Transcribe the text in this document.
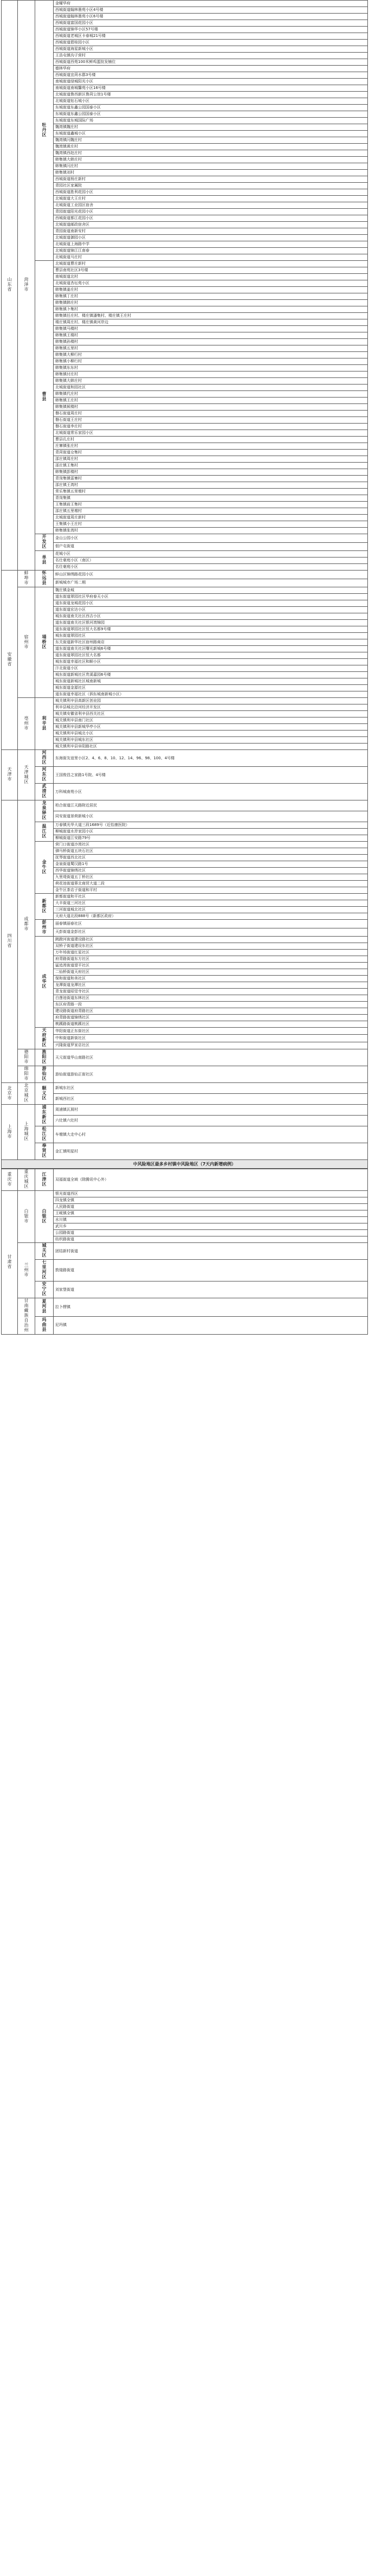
山东省	菏泽市	牡丹区	金曜华府
			西城街道翰林墨苑小区4号楼
			西城街道翰林墨苑小区6号楼
			西城街道富国花园小区
			西城街道锦华小区57号楼
			西城街道老城区卡春城21号楼
			西城街道碧桂园小区
			西城街道海星新城小区
			王浩屯镇沟子营村
			西城街道西苑100米鲜鸡蛋批发铺位
			德林华府
			西城街道宜菏水郡3号楼
			南城街道绿城阳光小区
			南城街道南城馨苑小区16号楼
			北城街道鲁西新区鲁菏公馆1号楼
			北城街道钻石城小区
			东城街道东鑫公园国泰小区
			东城街道东鑫公园国泰小区
			东城街道东城国际广场
			魏湾镇魏庄村
			东城街道鑫城小区
			魏湾镇闫魏庄村
			魏湾镇黄庄村
			魏湾镇西赵庄村
			韩集镇大韩庄村
			韩集镇闫庄村
			韩集镇刘村
			西城街道杨庄新村
			青园社区家属院
			西城街道胜利花园小区
			北城街道大王庄村
			北城街道工业园区宿舍
			青园街道阳光花园小区
			西城街道都江花园小区
			北城街道邮政宿舍区
			青园街道南新安村
			北城街道御园小区
			北城街道上海路中学
			北城街道锦江江南春
			北城街道马庄村
		曹县	北城街道曹庄新村
			曹县南苑社区3号楼
			南城街道北村
			北城街道杏坛苑小区
			韩集镇姜庄村
			韩集镇丁庄村
			韩集镇韩庄村
			韩集镇卜集村
			韩集镇任庄村、楼庄镇潘集村、楼庄镇王庄村
			楼庄镇周庄村、楼庄镇黄河岸边
			韩集镇马楼村
			韩集镇王楼村
			韩集镇孙楼村
			韩集镇五里村
			韩集镇大柳行村
			韩集镇小柳行村
			韩集镇东东村
			韩集镇付庄村
			韩集镇大韩庄村
			北城街道和园社区
			韩集镇代庄村
			韩集镇王庄村
			韩集镇候楼村
			磐石街道周庄村
			磐石街道王庄村
			磐石街道李庄村
			北城街道常乐家园小区
			曹县孔庄村
			庄寨镇张庄村
			青菏街道仓集村
			邵庄镇周庄村
			邵庄镇王集村
			韩集镇彭楼村
			青岗集镇雷寨村
			邵庄镇王湾村
			常乐集镇五里墩村
			青岗集镇
			王集镇前王集村
			邵庄镇五里墩村
			北城街道周庄新村
			王集镇小王庄村
			韩集镇张湾村
		开发区	金山公园小区
			佃户屯街道
		单县	花城小区
			名仕豪庭小区（南区）
			名仕豪庭小区
安徽省	蚌埠市	怀远县	蚌山区锦绣路花园小区
			新城城市广场二期
	宿州市	埇桥区	魏庄镇金城
			道东街道翠园社区华府春天小区
			道东街道龙城花园小区
			道东街道宏达小区
			城东街道南关社区西吉小区
			道东街道南关社区银河湾锦园
			道东街道翠园社区恒大名都9号楼
			城东街道翠园社区
			东关街道新华社区宿州路商店
			道东街道南关社区曙光新城6号楼
			道东街道翠园社区恒大名都
			城东街道幸福社区和顺小区
			汴北街道小区
			城东街道新城社区贵溪嘉园6号楼
			城东街道新城社区城南新城
			城东街道金源社区
			道东街道幸福社区（泗东城南新城小区）
	亳州市	利辛县	城关镇利辛县高新区创业园
			利辛县城北沿河经济开发区
			城关镇安徽省利辛县西关社区
			城关镇利辛县南门社区
			城关镇利辛县新城华亭小区
			城关镇利辛县城北小区
			城关镇利辛县城东社区
			城关镇利辛县阜阳路社区
天津市	天津城区	河西区	东海街友谊里小区2、4、6、8、10、12、14、96、98、100、4号楼
		河东区	王国俊昌之家路1号院、4号楼
		武清区	万科城南苑小区
四川省	成都市	龙泉驿区	柏合街道江天路附近居民
			同安街道景荷新城小区
		温江区	万春镇光华大道三段1689号（近怡康医院）
			柳城街道水岸家园小区
			柳城街道江安路79号
		金牛区	营门口街道沙湾社区
			驷马桥街道五块石社区
			抚琴街道西北社区
			金泉街道蜀汉路1号
			西华街道锦绣社区
			九里堤街道五丁桥社区
			荷花池街道蓉北商贸大道二段
			金牛区茶店子街道和平村
		新都区	新都街道和平社区
			大丰街道三河社区
			三河街道城北社区
			天府大道北段888号（新都区政府）
		彭州市	丽春镇丽春社区
			天彭街道金彭社区
		成华区	跳蹬河街道建设路社区
			双桥子街道建设东社区
			万年场街道红星社区
			府青路街道东方社区
			猛追湾街道望平社区
			二仙桥街道天府社区
			保和街道和美社区
			龙潭街道龙潭社区
			青龙街道昭觉寺社区
			白莲池街道东林社区
			东区府青路一段
			建设路街道府青路社区
			府青路街道锦绣社区
			桃蹊路街道桃蹊社区
		天府新区	华阳街道正东街社区
			中和街道新街社区
			兴隆街道罗家店社区
	德阳市	旌阳区	天元街道华山南路社区
	绵阳市	游仙区	游仙街道游仙正街社区
北京市	北京城区	顺义区	新城东社区
			新城西社区
上海市	上海城区	浦东新区	周浦镇瓦屑村
			六灶镇六灶村
		松江区	车墩镇大走中心村
		奉贤区	金汇镇明星村
中风险地区最多乡村镇中风险地区（7天内新增病例）
重庆市	重庆城区	江津区	双福街道全域（除腾讯中心外）
甘肃省	白银市	白银区	银光街道西区
			四龙镇全镇
			人民路街道
			王岘镇全镇
			水川镇
			武川乡
			公园路街道
			纺织路街道
	兰州市	城关区	团结新村街道
		七里河区	敦煌路街道
		安宁区	刘家堡街道
	甘南藏族自治州	夏河县	拉卜楞镇
		玛曲县	尼玛镇
